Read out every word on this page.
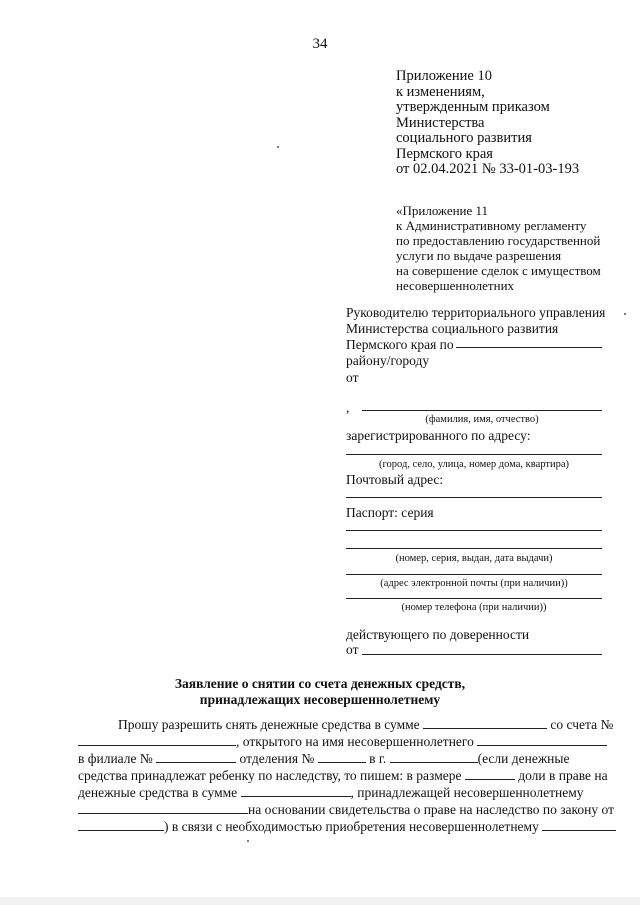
34
Приложение 10
к изменениям,
утвержденным приказом
Министерства
социального развития
Пермского края
от 02.04.2021 № 33-01-03-193
«Приложение 11
к Административному регламенту
по предоставлению государственной
услуги по выдаче разрешения
на совершение сделок с имуществом
несовершеннолетних
Руководителю территориального управления
Министерства социального развития
Пермского края по
району/городу
от
,
(фамилия, имя, отчество)
зарегистрированного по адресу:
(город, село, улица, номер дома, квартира)
Почтовый адрес:
Паспорт: серия
(номер, серия, выдан, дата выдачи)
(адрес электронной почты (при наличии))
(номер телефона (при наличии))
действующего по доверенности
от
Заявление о снятии со счета денежных средств,
принадлежащих несовершеннолетнему
Прошу разрешить снять денежные средства в сумме	со счета №
, открытого на имя несовершеннолетнего
в филиале №	отделения №	в г.	(если денежные
средства принадлежат ребенку по наследству, то пишем: в размере	доли в праве на
денежные средства в сумме	, принадлежащей несовершеннолетнему
на основании свидетельства о праве на наследство по закону от
) в связи с необходимостью приобретения несовершеннолетнему
